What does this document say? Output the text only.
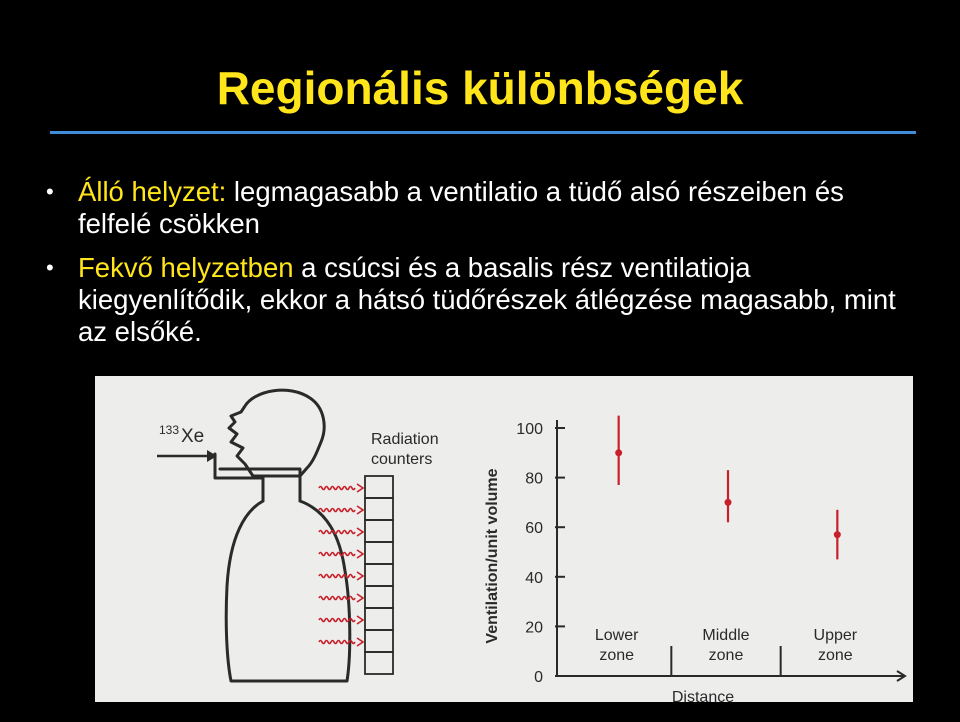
Regionális különbségek
• Álló helyzet: legmagasabb a ventilatio a tüdő alsó részeiben és felfelé csökken
• Fekvő helyzetben a csúcsi és a basalis rész ventilatioja kiegyenlítődik, ekkor a hátsó tüdőrészek átlégzése magasabb, mint az elsőké.
133 Xe	Radiation
counters
Ventilation/unit volume
0
20
40
60
80
100
Lower
zone
Middle
zone
Upper
zone
Distance
